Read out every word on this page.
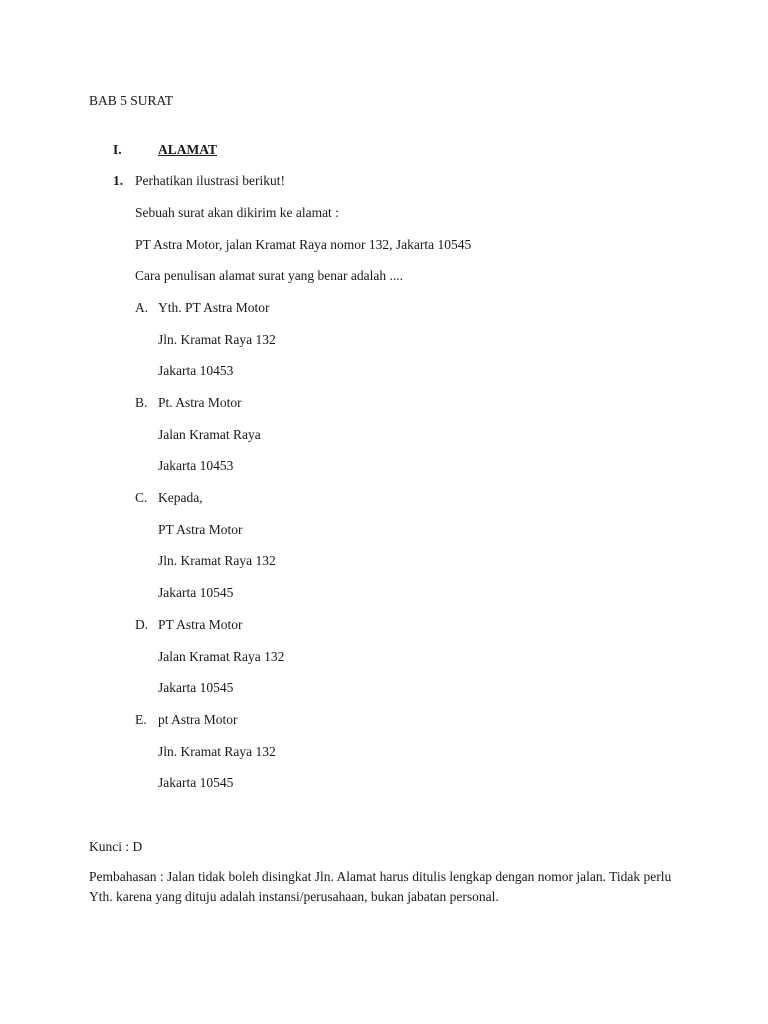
BAB 5 SURAT
I.	ALAMAT
1. Perhatikan ilustrasi berikut!
Sebuah surat akan dikirim ke alamat :
PT Astra Motor, jalan Kramat Raya nomor 132, Jakarta 10545
Cara penulisan alamat surat yang benar adalah ....
A. Yth. PT Astra Motor
Jln. Kramat Raya 132
Jakarta 10453
B. Pt. Astra Motor
Jalan Kramat Raya
Jakarta 10453
C. Kepada,
PT Astra Motor
Jln. Kramat Raya 132
Jakarta 10545
D. PT Astra Motor
Jalan Kramat Raya 132
Jakarta 10545
E. pt Astra Motor
Jln. Kramat Raya 132
Jakarta 10545
Kunci : D
Pembahasan : Jalan tidak boleh disingkat Jln. Alamat harus ditulis lengkap dengan nomor jalan. Tidak perlu Yth. karena yang dituju adalah instansi/perusahaan, bukan jabatan personal.
